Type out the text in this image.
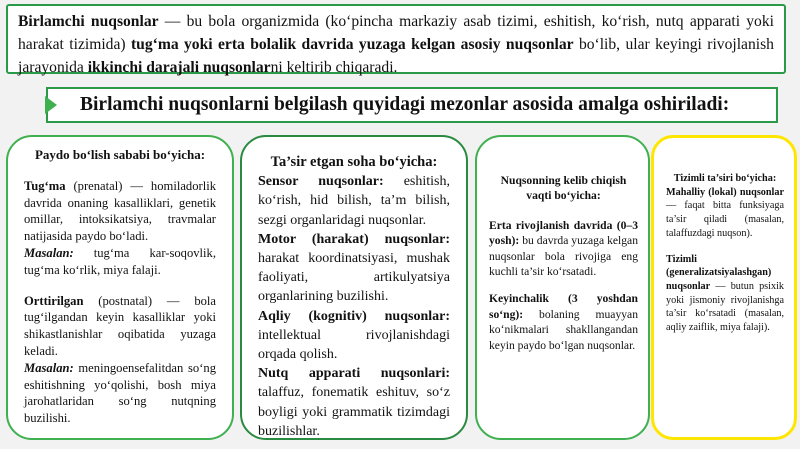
Birlamchi nuqsonlar — bu bola organizmida (ko‘pincha markaziy asab tizimi, eshitish, ko‘rish, nutq apparati yoki harakat tizimida) tug‘ma yoki erta bolalik davrida yuzaga kelgan asosiy nuqsonlar bo‘lib, ular keyingi rivojlanish jarayonida ikkinchi darajali nuqsonlarni keltirib chiqaradi.
Birlamchi nuqsonlarni belgilash quyidagi mezonlar asosida amalga oshiriladi:

Paydo bo‘lish sababi bo‘yicha:

Tug‘ma (prenatal) — homiladorlik davrida onaning kasalliklari, genetik omillar, intoksikatsiya, travmalar natijasida paydo bo‘ladi.
Masalan: tug‘ma kar-soqovlik, tug‘ma ko‘rlik, miya falaji.

Orttirilgan (postnatal) — bola tug‘ilgandan keyin kasalliklar yoki shikastlanishlar oqibatida yuzaga keladi.
Masalan: meningoensefalitdan so‘ng eshitishning yo‘qolishi, bosh miya jarohatlaridan so‘ng nutqning buzilishi.

Ta’sir etgan soha bo‘yicha:

Sensor nuqsonlar: eshitish, ko‘rish, hid bilish, ta’m bilish, sezgi organlaridagi nuqsonlar.

Motor (harakat) nuqsonlar: harakat koordinatsiyasi, mushak faoliyati, artikulyatsiya organlarining buzilishi.

Aqliy (kognitiv) nuqsonlar: intellektual rivojlanishdagi orqada qolish.

Nutq apparati nuqsonlari: talaffuz, fonematik eshituv, so‘z boyligi yoki grammatik tizimdagi buzilishlar.

Nuqsonning kelib chiqish vaqti bo‘yicha:

Erta rivojlanish davrida (0–3 yosh): bu davrda yuzaga kelgan nuqsonlar bola rivojiga eng kuchli ta’sir ko‘rsatadi.

Keyinchalik (3 yoshdan so‘ng): bolaning muayyan ko‘nikmalari shakllangandan keyin paydo bo‘lgan nuqsonlar.

Tizimli ta’siri bo‘yicha:

Mahalliy (lokal) nuqsonlar — faqat bitta funksiyaga ta’sir qiladi (masalan, talaffuzdagi nuqson).

Tizimli (generalizatsiyalashgan) nuqsonlar — butun psixik yoki jismoniy rivojlanishga ta’sir ko‘rsatadi (masalan, aqliy zaiflik, miya falaji).
